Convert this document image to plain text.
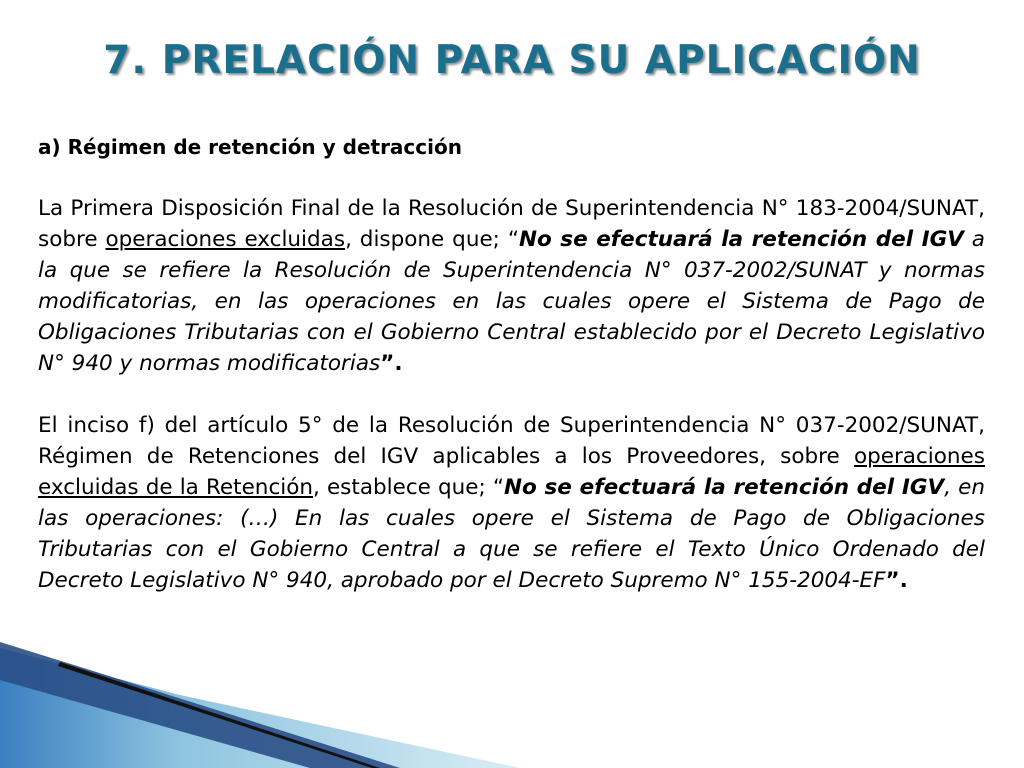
7. PRELACIÓN PARA SU APLICACIÓN

a) Régimen de retención y detracción

La Primera Disposición Final de la Resolución de Superintendencia N° 183-2004/SUNAT, sobre operaciones excluidas, dispone que; “No se efectuará la retención del IGV a la que se refiere la Resolución de Superintendencia N° 037-2002/SUNAT y normas modificatorias, en las operaciones en las cuales opere el Sistema de Pago de Obligaciones Tributarias con el Gobierno Central establecido por el Decreto Legislativo N° 940 y normas modificatorias”.

El inciso f) del artículo 5° de la Resolución de Superintendencia N° 037-2002/SUNAT, Régimen de Retenciones del IGV aplicables a los Proveedores, sobre operaciones excluidas de la Retención, establece que; “No se efectuará la retención del IGV, en las operaciones: (…) En las cuales opere el Sistema de Pago de Obligaciones Tributarias con el Gobierno Central a que se refiere el Texto Único Ordenado del Decreto Legislativo N° 940, aprobado por el Decreto Supremo N° 155-2004-EF”.
